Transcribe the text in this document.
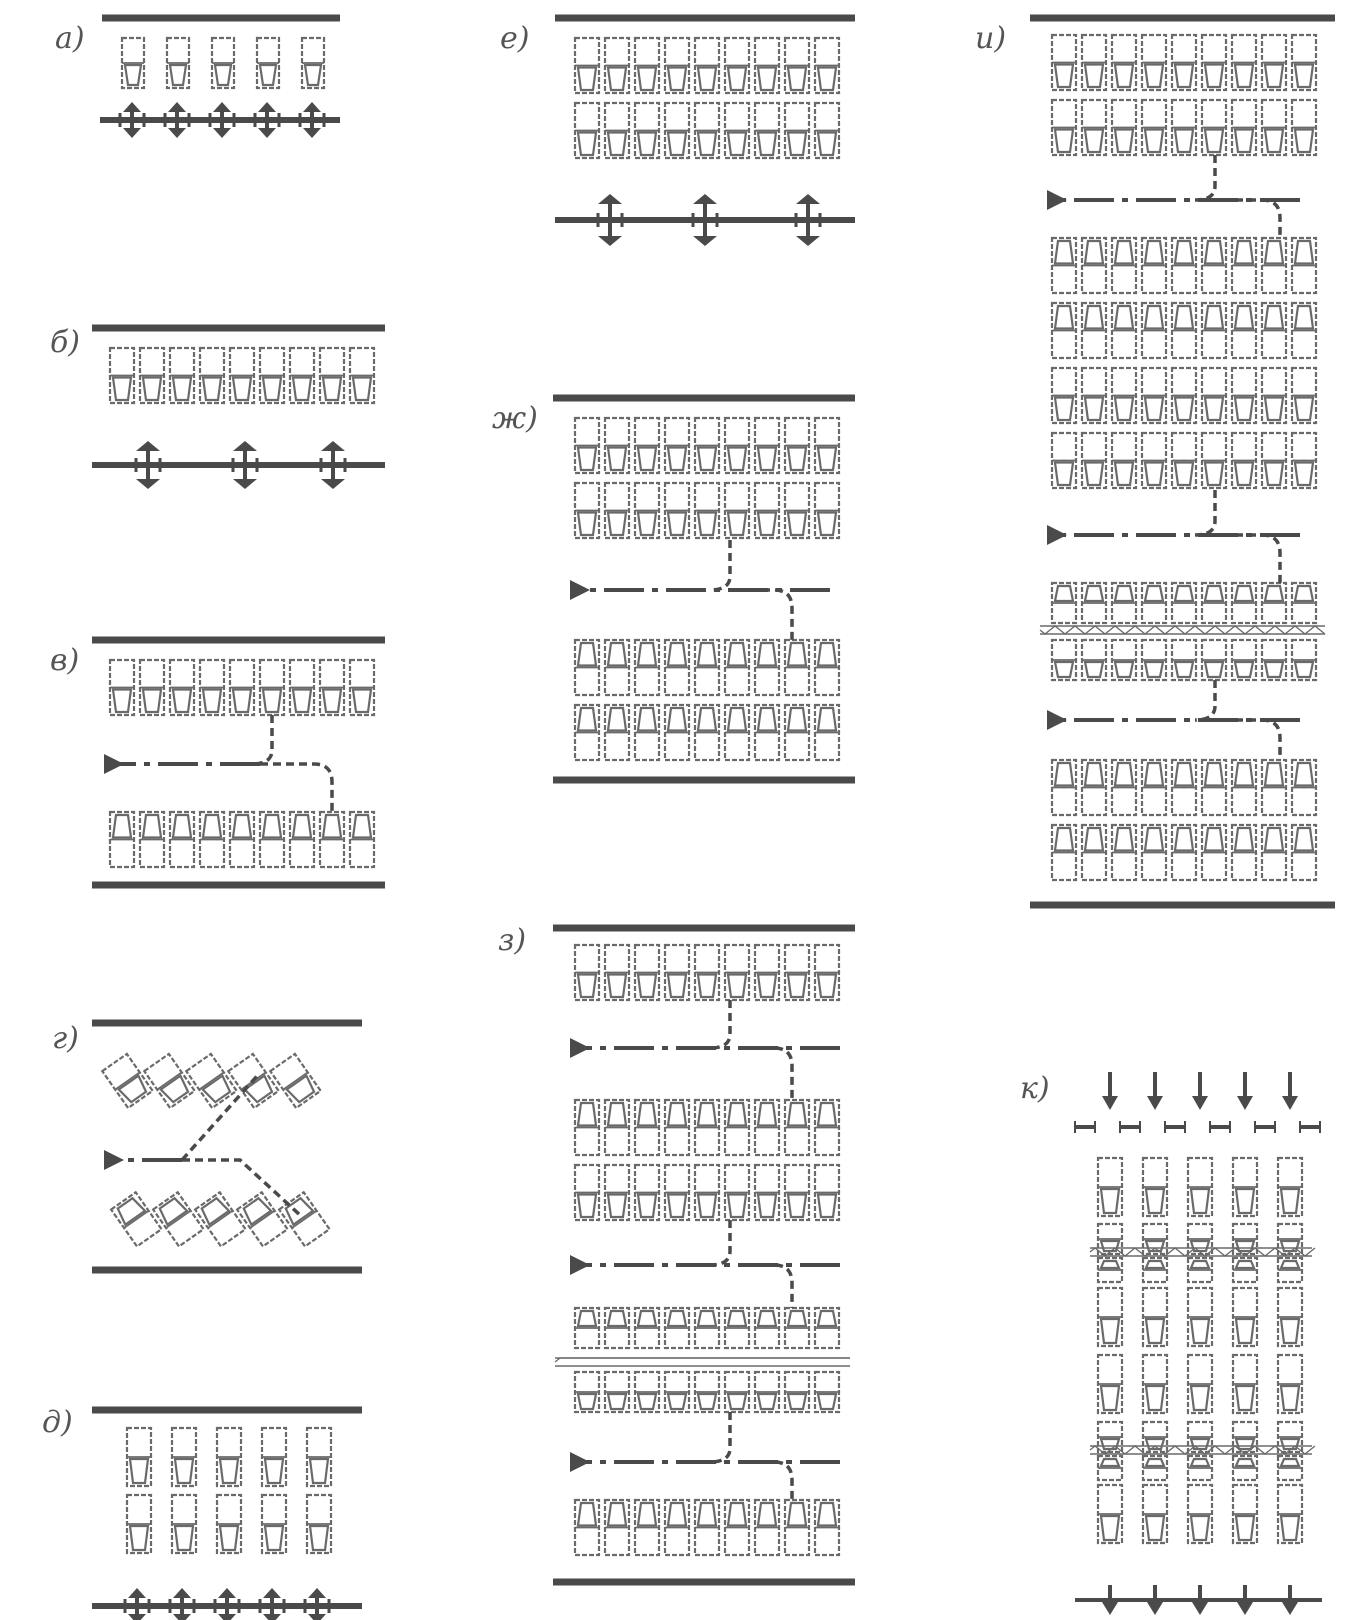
а)
б)
в)
г)
д)
е)
ж)
з)
и)
к)
